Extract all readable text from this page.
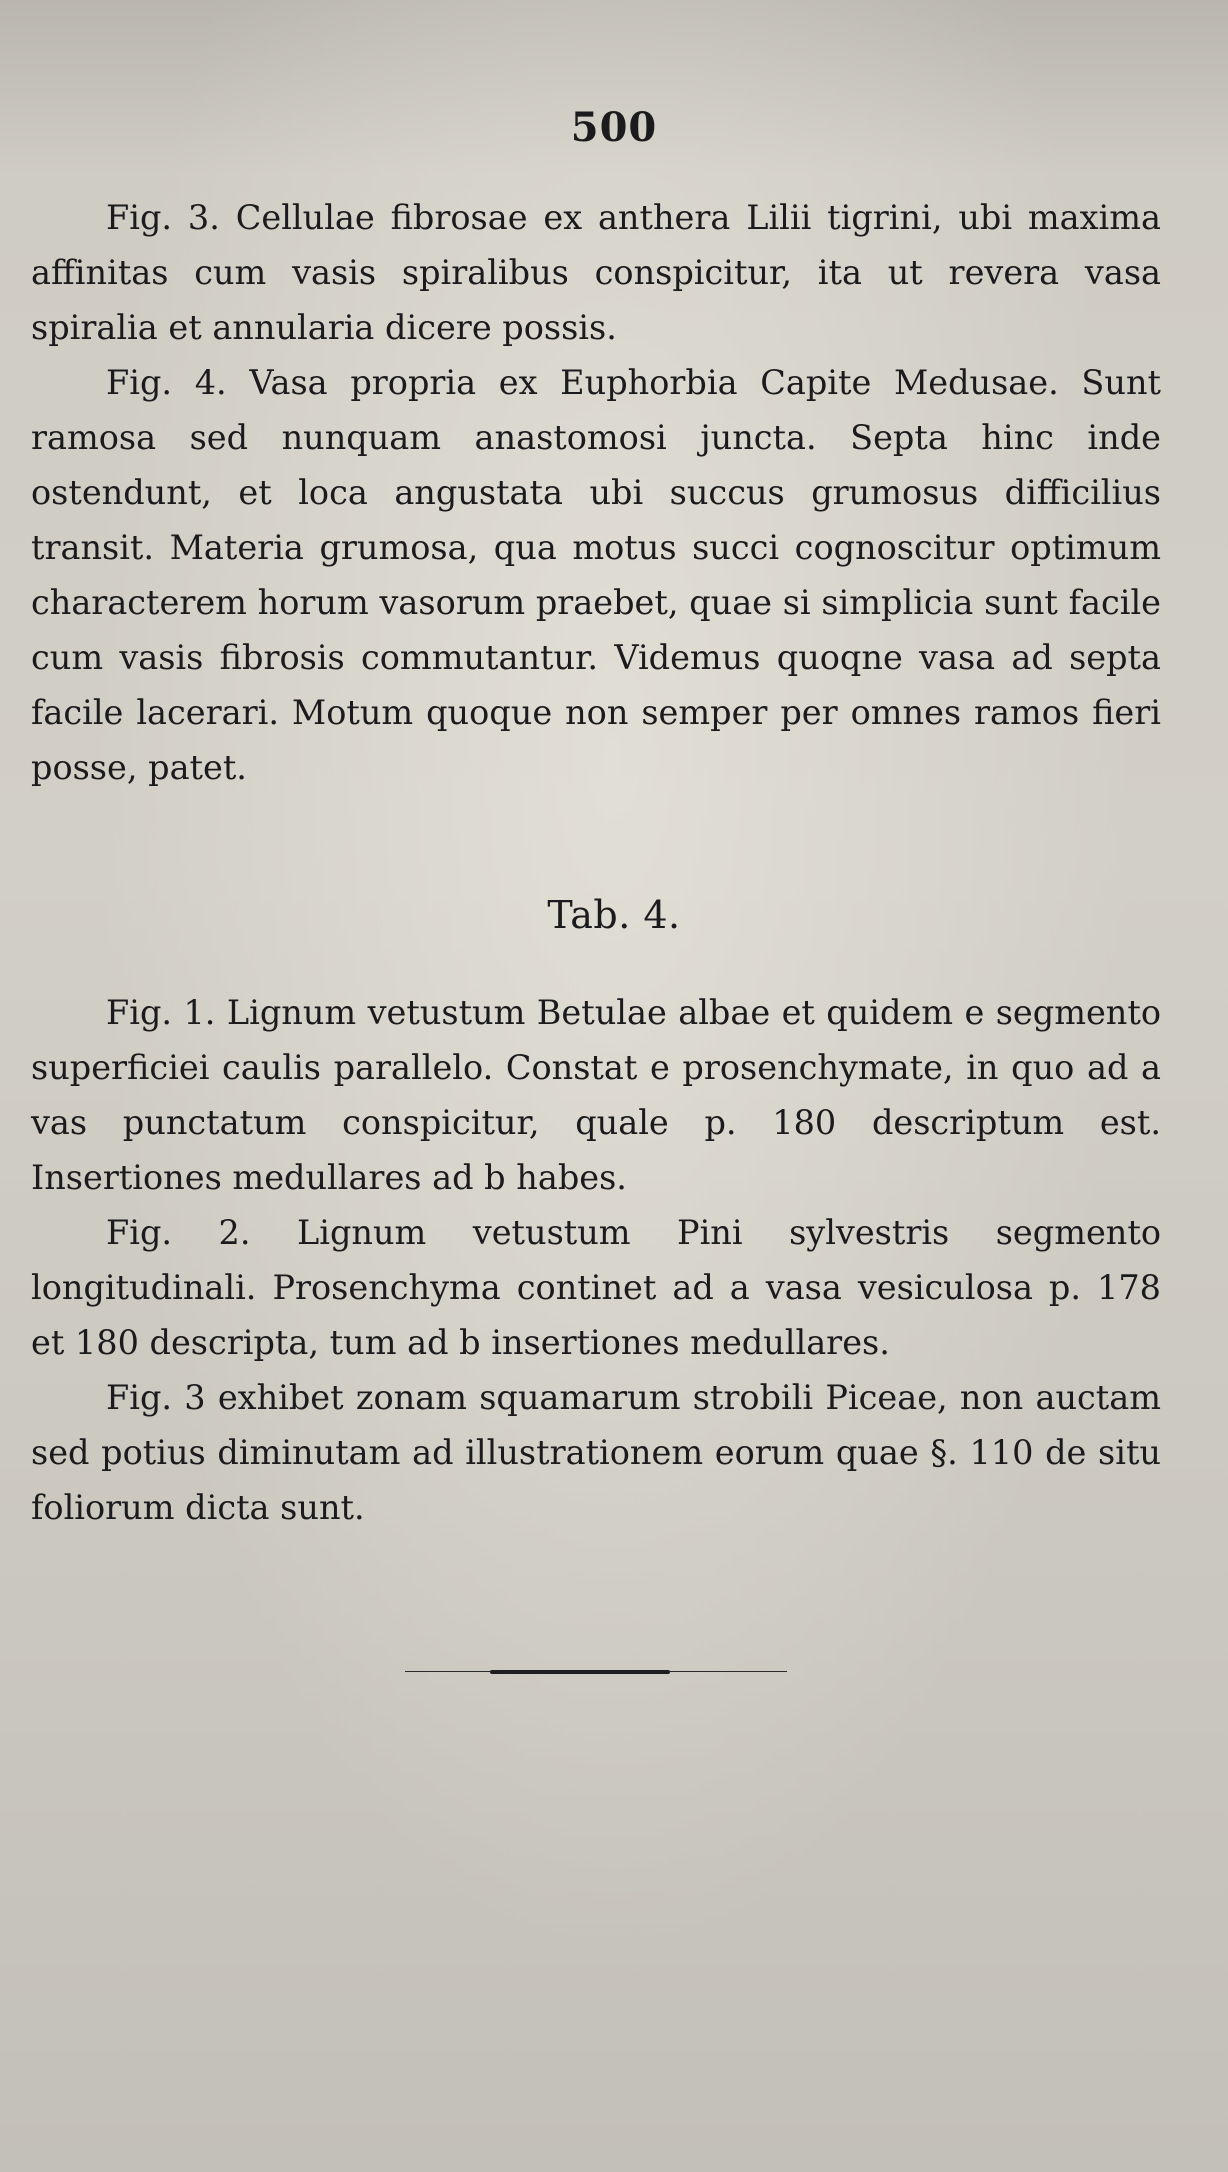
500

Fig. 3. Cellulae fibrosae ex anthera Lilii tigrini, ubi maxima affinitas cum vasis spiralibus conspicitur, ita ut revera vasa spiralia et annularia dicere possis.

Fig. 4. Vasa propria ex Euphorbia Capite Medusae. Sunt ramosa sed nunquam anastomosi juncta. Septa hinc inde ostendunt, et loca angustata ubi succus grumosus difficilius transit. Materia grumosa, qua motus succi cognoscitur optimum characterem horum vasorum praebet, quae si simplicia sunt facile cum vasis fibrosis commutantur. Videmus quoqne vasa ad septa facile lacerari. Motum quoque non semper per omnes ramos fieri posse, patet.

Tab. 4.

Fig. 1. Lignum vetustum Betulae albae et quidem e segmento superficiei caulis parallelo. Constat e prosenchymate, in quo ad a vas punctatum conspicitur, quale p. 180 descriptum est. Insertiones medullares ad b habes.

Fig. 2. Lignum vetustum Pini sylvestris segmento longitudinali. Prosenchyma continet ad a vasa vesiculosa p. 178 et 180 descripta, tum ad b insertiones medullares.

Fig. 3 exhibet zonam squamarum strobili Piceae, non auctam sed potius diminutam ad illustrationem eorum quae §. 110 de situ foliorum dicta sunt.
